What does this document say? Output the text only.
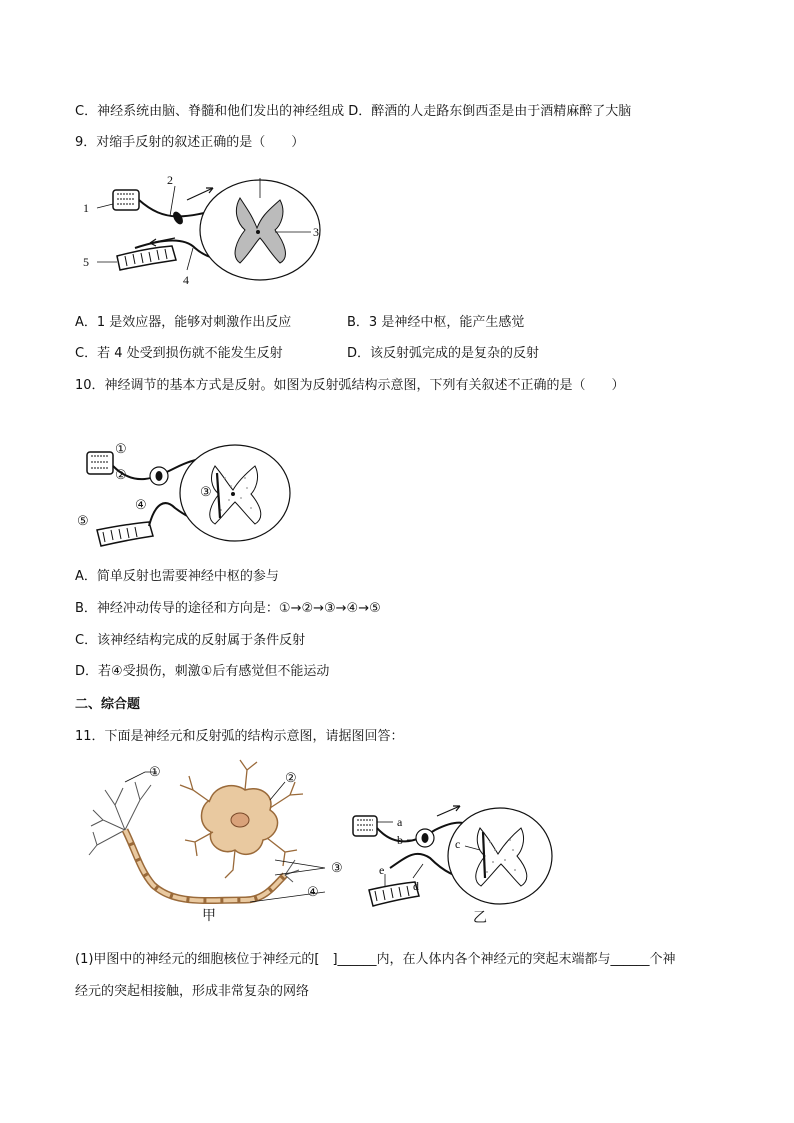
C．神经系统由脑、脊髓和他们发出的神经组成 D．醉酒的人走路东倒西歪是由于酒精麻醉了大脑
9．对缩手反射的叙述正确的是（　　）
1
2
3
4
5
A．1 是效应器，能够对刺激作出反应	B．3 是神经中枢，能产生感觉
C．若 4 处受到损伤就不能发生反射	D．该反射弧完成的是复杂的反射
10．神经调节的基本方式是反射。如图为反射弧结构示意图，下列有关叙述不正确的是（　　）
①
②
③
④
⑤
A．简单反射也需要神经中枢的参与
B．神经冲动传导的途径和方向是：①→②→③→④→⑤
C．该神经结构完成的反射属于条件反射
D．若④受损伤，刺激①后有感觉但不能运动
二、综合题
11．下面是神经元和反射弧的结构示意图，请据图回答：
①	②
③
④
甲
a
b	c
d
e
乙
(1)甲图中的神经元的细胞核位于神经元的[　]______内，在人体内各个神经元的突起末端都与______个神
经元的突起相接触，形成非常复杂的网络
